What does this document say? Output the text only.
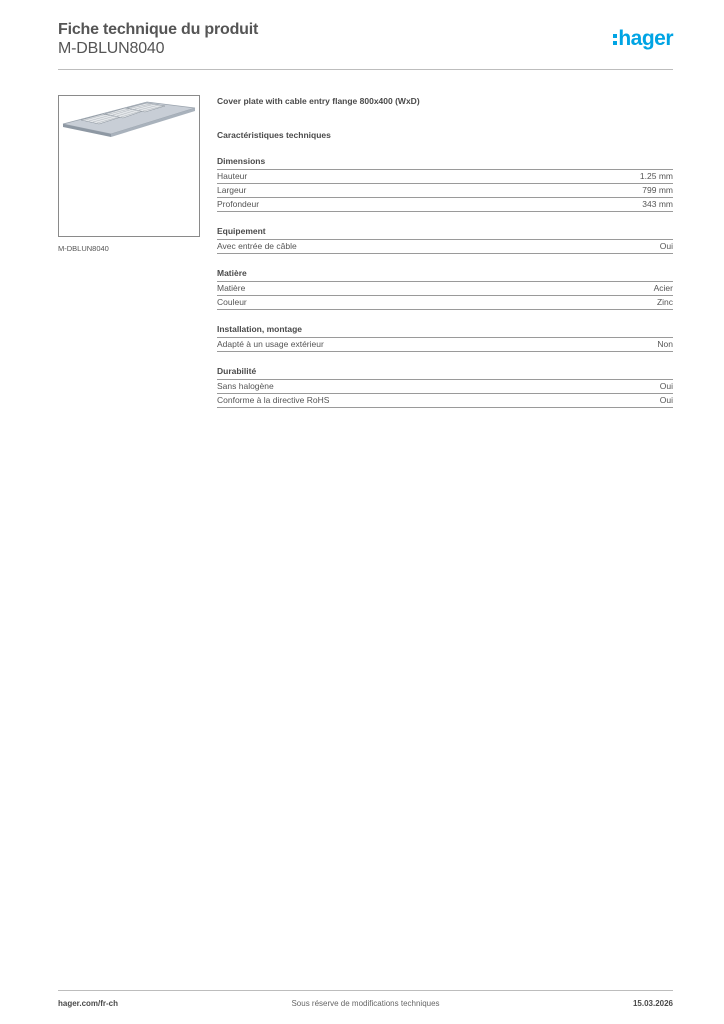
Fiche technique du produit
M-DBLUN8040	hager
M-DBLUN8040
Cover plate with cable entry flange 800x400 (WxD)
Caractéristiques techniques
Dimensions
Hauteur	1.25 mm
Largeur	799 mm
Profondeur	343 mm
Equipement
Avec entrée de câble	Oui
Matière
Matière	Acier
Couleur	Zinc
Installation, montage
Adapté à un usage extérieur	Non
Durabilité
Sans halogène	Oui
Conforme à la directive RoHS	Oui
hager.com/fr-ch	Sous réserve de modifications techniques	15.03.2026
